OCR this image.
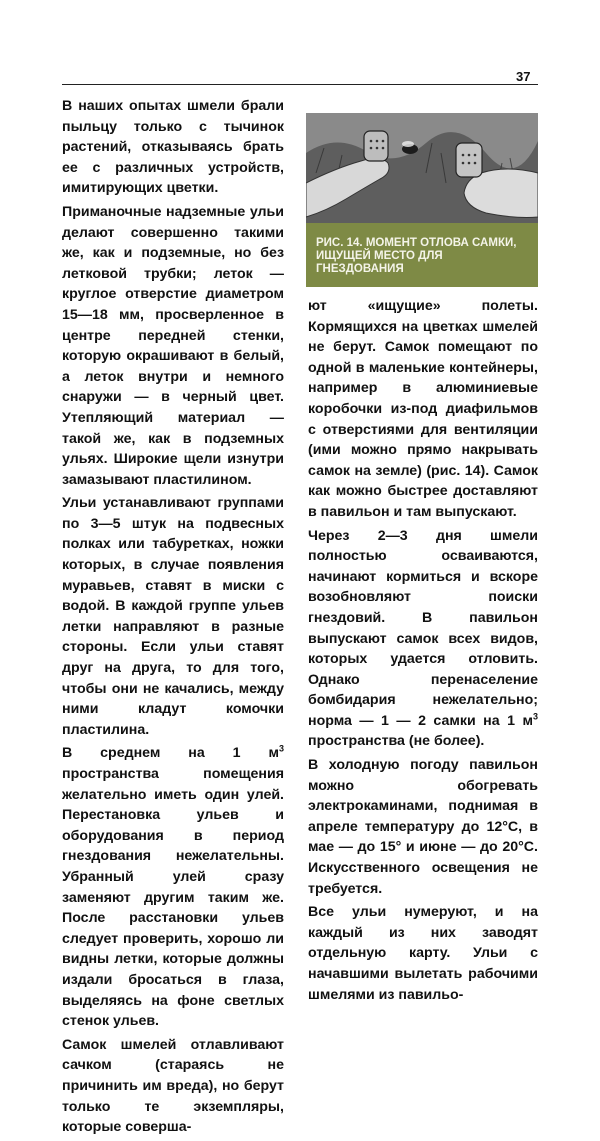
37

В наших опытах шмели брали пыльцу только с тычинок растений, отказываясь брать ее с различных устройств, имитирующих цветки.

Приманочные надземные ульи делают совершенно такими же, как и подземные, но без летковой трубки; леток — круглое отверстие диаметром 15—18 мм, просверленное в центре передней стенки, которую окрашивают в белый, а леток внутри и немного снаружи — в черный цвет. Утепляющий материал — такой же, как в подземных ульях. Широкие щели изнутри замазывают пластилином.

Ульи устанавливают группами по 3—5 штук на подвесных полках или табуретках, ножки которых, в случае появления муравьев, ставят в миски с водой. В каждой группе ульев летки направляют в разные стороны. Если ульи ставят друг на друга, то для того, чтобы они не качались, между ними кладут комочки пластилина.

В среднем на 1 $м^3$ пространства помещения желательно иметь один улей. Перестановка ульев и оборудования в период гнездования нежелательны. Убранный улей сразу заменяют другим таким же. После расстановки ульев следует проверить, хорошо ли видны летки, которые должны издали бросаться в глаза, выделяясь на фоне светлых стенок ульев.

Самок шмелей отлавливают сачком (стараясь не причинить им вреда), но берут только те экземпляры, которые соверша-

РИС. 14. МОМЕНТ ОТЛОВА САМКИ, ИЩУЩЕЙ МЕСТО ДЛЯ ГНЕЗДОВАНИЯ

ют «ищущие» полеты. Кормящихся на цветках шмелей не берут. Самок помещают по одной в маленькие контейнеры, например в алюминиевые коробочки из-под диафильмов с отверстиями для вентиляции (ими можно прямо накрывать самок на земле) (рис. 14). Самок как можно быстрее доставляют в павильон и там выпускают.

Через 2—3 дня шмели полностью осваиваются, начинают кормиться и вскоре возобновляют поиски гнездовий. В павильон выпускают самок всех видов, которых удается отловить. Однако перенаселение бомбидария нежелательно; норма — 1 — 2 самки на 1 $м^3$ пространства (не более).

В холодную погоду павильон можно обогревать электрокаминами, поднимая в апреле температуру до 12°С, в мае — до 15° и июне — до 20°С. Искусственного освещения не требуется.

Все ульи нумеруют, и на каждый из них заводят отдельную карту. Ульи с начавшими вылетать рабочими шмелями из павильо-
